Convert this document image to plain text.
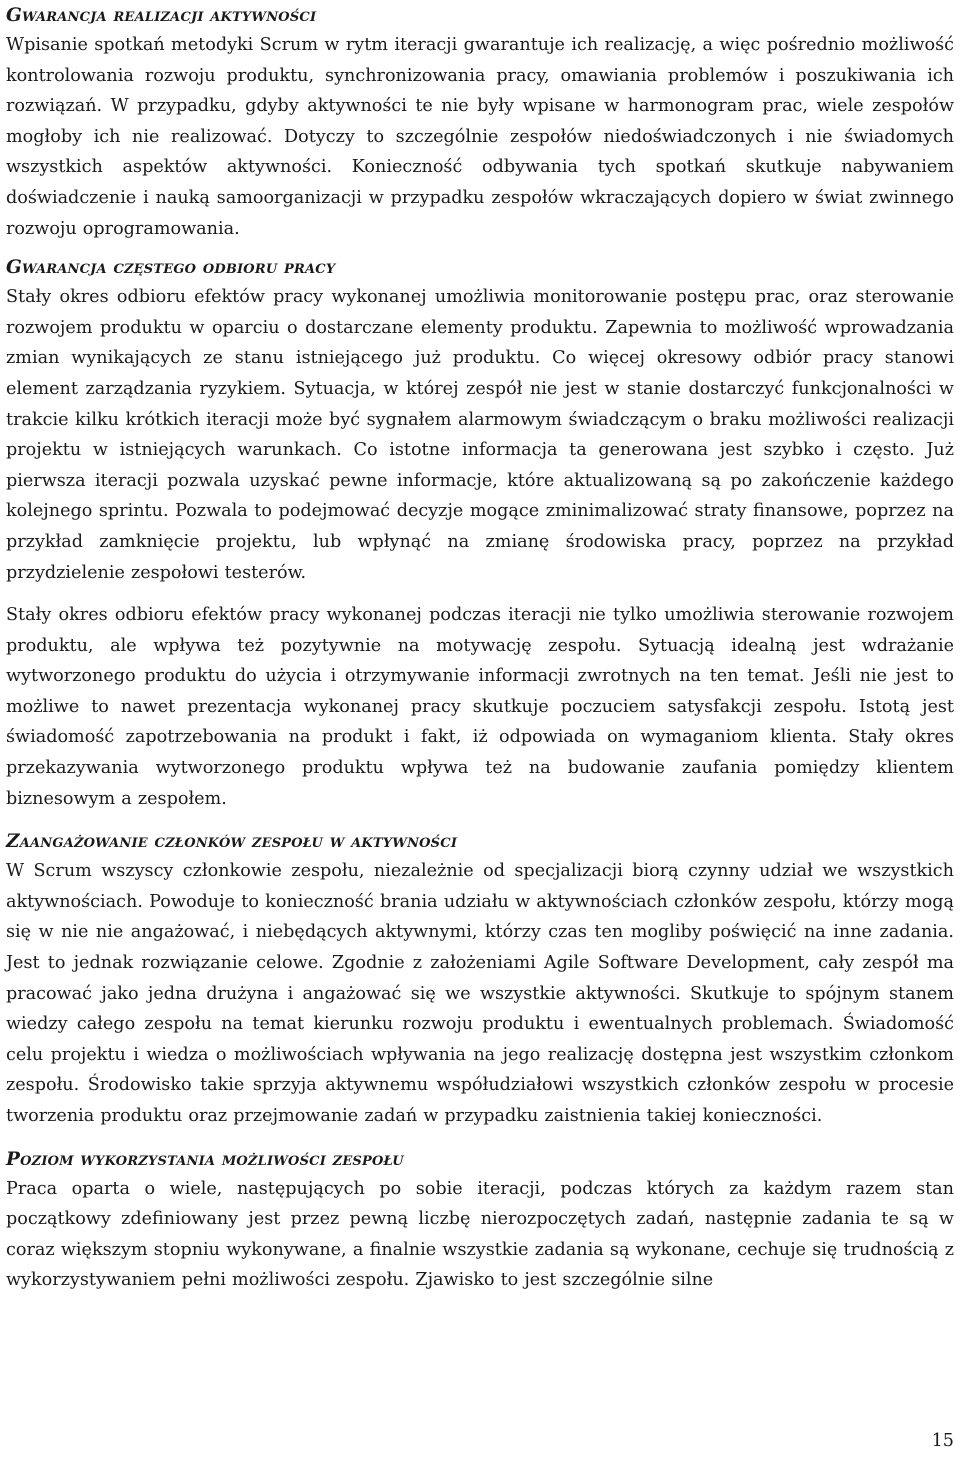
Gwarancja realizacji aktywności

Wpisanie spotkań metodyki Scrum w rytm iteracji gwarantuje ich realizację, a więc pośrednio możliwość kontrolowania rozwoju produktu, synchronizowania pracy, omawiania problemów i poszukiwania ich rozwiązań. W przypadku, gdyby aktywności te nie były wpisane w harmonogram prac, wiele zespołów mogłoby ich nie realizować. Dotyczy to szczególnie zespołów niedoświadczonych i nie świadomych wszystkich aspektów aktywności. Konieczność odbywania tych spotkań skutkuje nabywaniem doświadczenie i nauką samoorganizacji w przypadku zespołów wkraczających dopiero w świat zwinnego rozwoju oprogramowania.

Gwarancja częstego odbioru pracy

Stały okres odbioru efektów pracy wykonanej umożliwia monitorowanie postępu prac, oraz sterowanie rozwojem produktu w oparciu o dostarczane elementy produktu. Zapewnia to możliwość wprowadzania zmian wynikających ze stanu istniejącego już produktu. Co więcej okresowy odbiór pracy stanowi element zarządzania ryzykiem. Sytuacja, w której zespół nie jest w stanie dostarczyć funkcjonalności w trakcie kilku krótkich iteracji może być sygnałem alarmowym świadczącym o braku możliwości realizacji projektu w istniejących warunkach. Co istotne informacja ta generowana jest szybko i często. Już pierwsza iteracji pozwala uzyskać pewne informacje, które aktualizowaną są po zakończenie każdego kolejnego sprintu. Pozwala to podejmować decyzje mogące zminimalizować straty finansowe, poprzez na przykład zamknięcie projektu, lub wpłynąć na zmianę środowiska pracy, poprzez na przykład przydzielenie zespołowi testerów.

Stały okres odbioru efektów pracy wykonanej podczas iteracji nie tylko umożliwia sterowanie rozwojem produktu, ale wpływa też pozytywnie na motywację zespołu. Sytuacją idealną jest wdrażanie wytworzonego produktu do użycia i otrzymywanie informacji zwrotnych na ten temat. Jeśli nie jest to możliwe to nawet prezentacja wykonanej pracy skutkuje poczuciem satysfakcji zespołu. Istotą jest świadomość zapotrzebowania na produkt i fakt, iż odpowiada on wymaganiom klienta. Stały okres przekazywania wytworzonego produktu wpływa też na budowanie zaufania pomiędzy klientem biznesowym a zespołem.

Zaangażowanie członków zespołu w aktywności

W Scrum wszyscy członkowie zespołu, niezależnie od specjalizacji biorą czynny udział we wszystkich aktywnościach. Powoduje to konieczność brania udziału w aktywnościach członków zespołu, którzy mogą się w nie nie angażować, i niebędących aktywnymi, którzy czas ten mogliby poświęcić na inne zadania. Jest to jednak rozwiązanie celowe. Zgodnie z założeniami Agile Software Development, cały zespół ma pracować jako jedna drużyna i angażować się we wszystkie aktywności. Skutkuje to spójnym stanem wiedzy całego zespołu na temat kierunku rozwoju produktu i ewentualnych problemach. Świadomość celu projektu i wiedza o możliwościach wpływania na jego realizację dostępna jest wszystkim członkom zespołu. Środowisko takie sprzyja aktywnemu współudziałowi wszystkich członków zespołu w procesie tworzenia produktu oraz przejmowanie zadań w przypadku zaistnienia takiej konieczności.

Poziom wykorzystania możliwości zespołu

Praca oparta o wiele, następujących po sobie iteracji, podczas których za każdym razem stan początkowy zdefiniowany jest przez pewną liczbę nierozpoczętych zadań, następnie zadania te są w coraz większym stopniu wykonywane, a finalnie wszystkie zadania są wykonane, cechuje się trudnością z wykorzystywaniem pełni możliwości zespołu. Zjawisko to jest szczególnie silne

15
